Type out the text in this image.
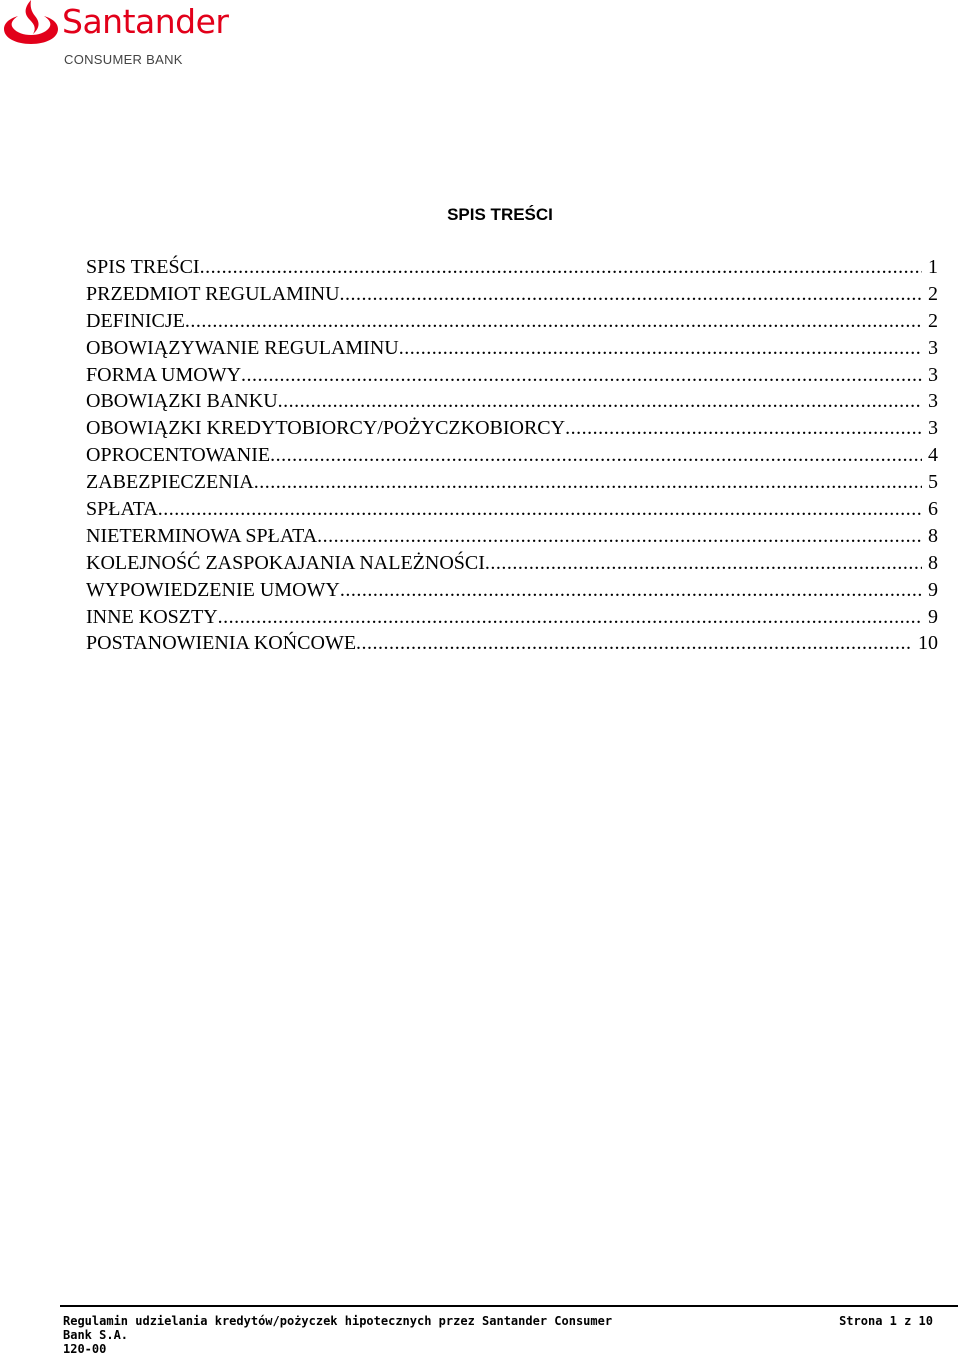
Santander
CONSUMER BANK
SPIS TREŚCI
SPIS TREŚCI .....	1
PRZEDMIOT REGULAMINU .....	2
DEFINICJE .....	2
OBOWIĄZYWANIE REGULAMINU .....	3
FORMA UMOWY .....	3
OBOWIĄZKI BANKU .....	3
OBOWIĄZKI KREDYTOBIORCY/POŻYCZKOBIORCY .....	3
OPROCENTOWANIE .....	4
ZABEZPIECZENIA .....	5
SPŁATA .....	6
NIETERMINOWA SPŁATA .....	8
KOLEJNOŚĆ ZASPOKAJANIA NALEŻNOŚCI .....	8
WYPOWIEDZENIE UMOWY .....	9
INNE KOSZTY .....	9
POSTANOWIENIA KOŃCOWE .....	10
Regulamin udzielania kredytów/pożyczek hipotecznych przez Santander Consumer Bank S.A.
Strona 1 z 10
120-00
